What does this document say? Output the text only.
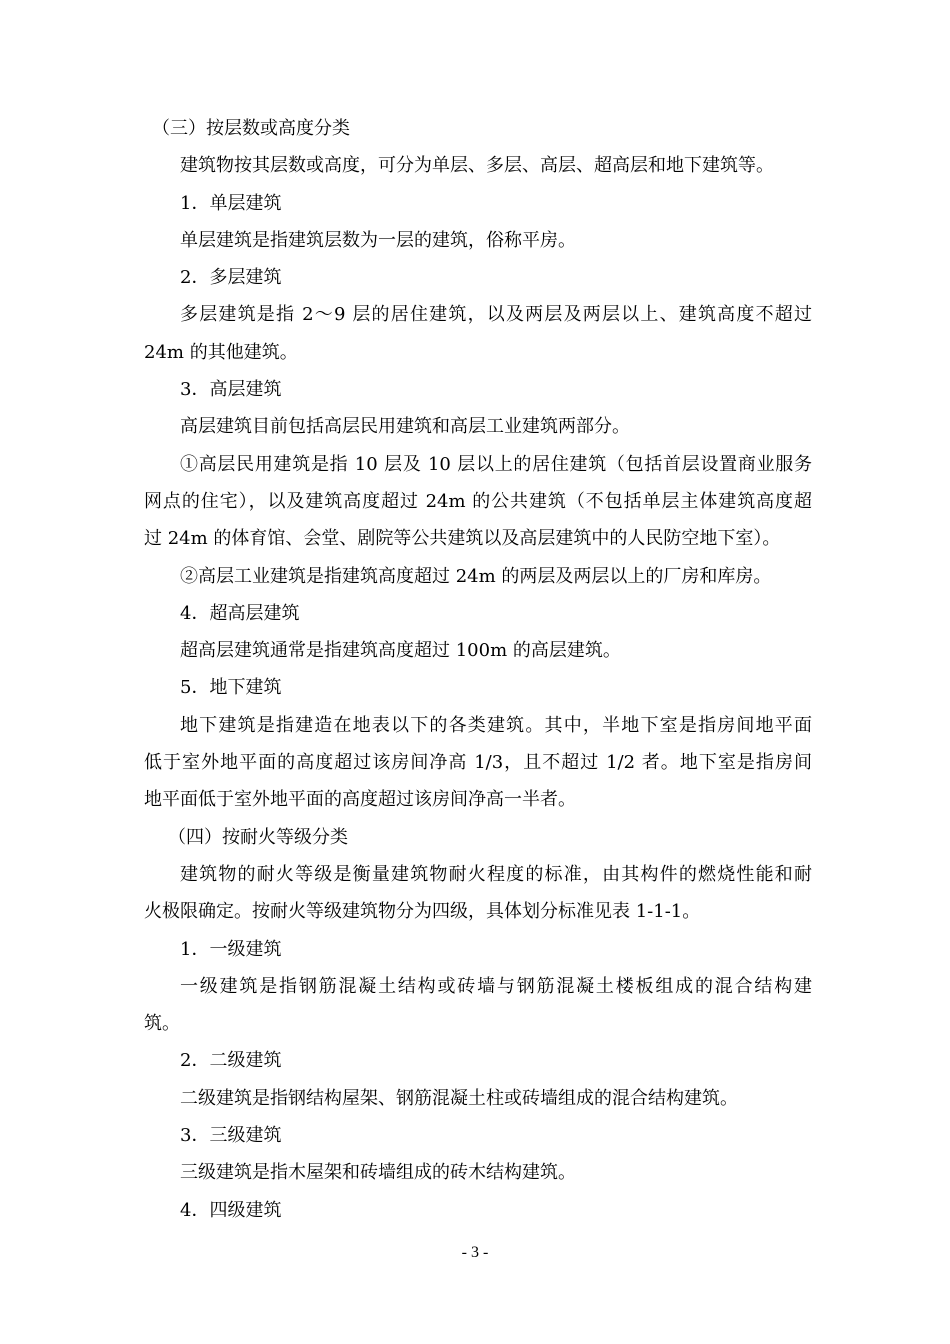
（三）按层数或高度分类
建筑物按其层数或高度，可分为单层、多层、高层、超高层和地下建筑等。
1．单层建筑
单层建筑是指建筑层数为一层的建筑，俗称平房。
2．多层建筑
多层建筑是指 2～9 层的居住建筑，以及两层及两层以上、建筑高度不超过
24m 的其他建筑。
3．高层建筑
高层建筑目前包括高层民用建筑和高层工业建筑两部分。
①高层民用建筑是指 10 层及 10 层以上的居住建筑（包括首层设置商业服务
网点的住宅），以及建筑高度超过 24m 的公共建筑（不包括单层主体建筑高度超
过 24m 的体育馆、会堂、剧院等公共建筑以及高层建筑中的人民防空地下室）。
②高层工业建筑是指建筑高度超过 24m 的两层及两层以上的厂房和库房。
4．超高层建筑
超高层建筑通常是指建筑高度超过 100m 的高层建筑。
5．地下建筑
地下建筑是指建造在地表以下的各类建筑。其中，半地下室是指房间地平面
低于室外地平面的高度超过该房间净高 1/3，且不超过 1/2 者。地下室是指房间
地平面低于室外地平面的高度超过该房间净高一半者。
（四）按耐火等级分类
建筑物的耐火等级是衡量建筑物耐火程度的标准，由其构件的燃烧性能和耐
火极限确定。按耐火等级建筑物分为四级，具体划分标准见表 1-1-1。
1．一级建筑
一级建筑是指钢筋混凝土结构或砖墙与钢筋混凝土楼板组成的混合结构建
筑。
2．二级建筑
二级建筑是指钢结构屋架、钢筋混凝土柱或砖墙组成的混合结构建筑。
3．三级建筑
三级建筑是指木屋架和砖墙组成的砖木结构建筑。
4．四级建筑
- 3 -
